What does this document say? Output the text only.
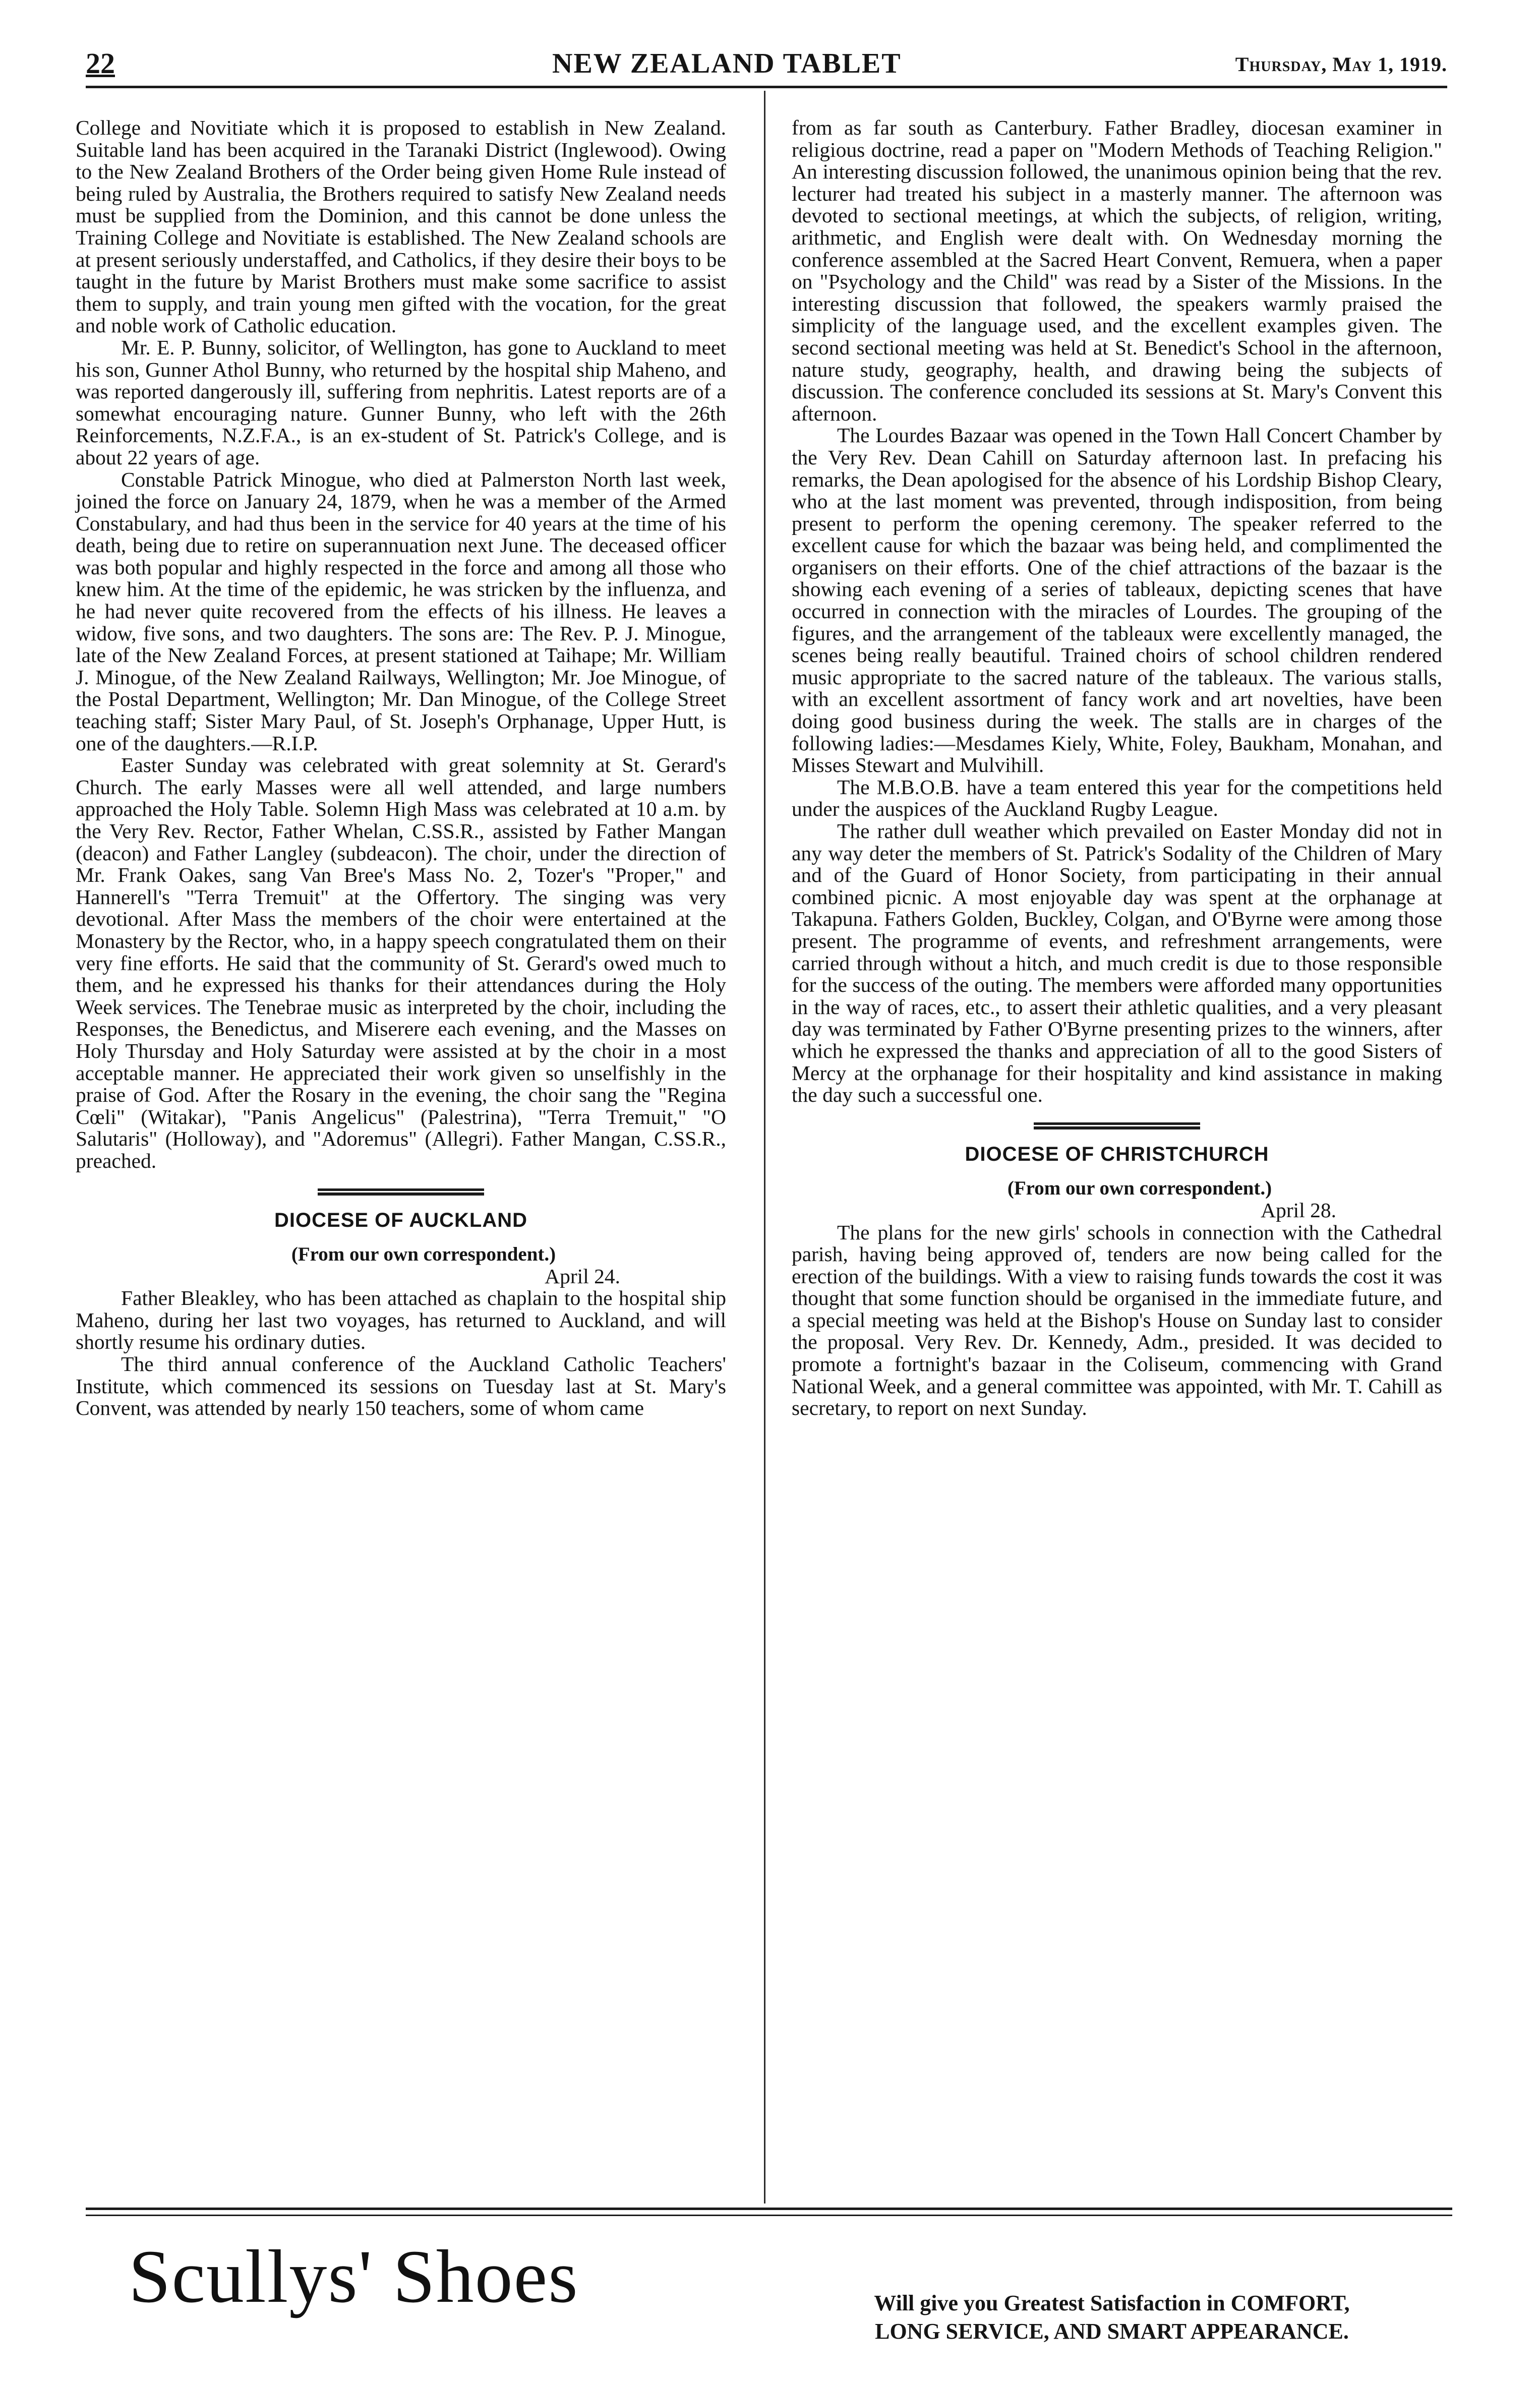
22	NEW ZEALAND TABLET	Thursday, May 1, 1919.

College and Novitiate which it is proposed to establish in New Zealand. Suitable land has been acquired in the Taranaki District (Inglewood). Owing to the New Zealand Brothers of the Order being given Home Rule instead of being ruled by Australia, the Brothers required to satisfy New Zealand needs must be supplied from the Dominion, and this cannot be done unless the Training College and Novitiate is established. The New Zealand schools are at present seriously understaffed, and Catholics, if they desire their boys to be taught in the future by Marist Brothers must make some sacrifice to assist them to supply, and train young men gifted with the vocation, for the great and noble work of Catholic education.

Mr. E. P. Bunny, solicitor, of Wellington, has gone to Auckland to meet his son, Gunner Athol Bunny, who returned by the hospital ship Maheno, and was reported dangerously ill, suffering from nephritis. Latest reports are of a somewhat encouraging nature. Gunner Bunny, who left with the 26th Reinforcements, N.Z.F.A., is an ex-student of St. Patrick's College, and is about 22 years of age.

Constable Patrick Minogue, who died at Palmerston North last week, joined the force on January 24, 1879, when he was a member of the Armed Constabulary, and had thus been in the service for 40 years at the time of his death, being due to retire on superannuation next June. The deceased officer was both popular and highly respected in the force and among all those who knew him. At the time of the epidemic, he was stricken by the influenza, and he had never quite recovered from the effects of his illness. He leaves a widow, five sons, and two daughters. The sons are: The Rev. P. J. Minogue, late of the New Zealand Forces, at present stationed at Taihape; Mr. William J. Minogue, of the New Zealand Railways, Wellington; Mr. Joe Minogue, of the Postal Department, Wellington; Mr. Dan Minogue, of the College Street teaching staff; Sister Mary Paul, of St. Joseph's Orphanage, Upper Hutt, is one of the daughters.—R.I.P.

Easter Sunday was celebrated with great solemnity at St. Gerard's Church. The early Masses were all well attended, and large numbers approached the Holy Table. Solemn High Mass was celebrated at 10 a.m. by the Very Rev. Rector, Father Whelan, C.SS.R., assisted by Father Mangan (deacon) and Father Langley (subdeacon). The choir, under the direction of Mr. Frank Oakes, sang Van Bree's Mass No. 2, Tozer's "Proper," and Hannerell's "Terra Tremuit" at the Offertory. The singing was very devotional. After Mass the members of the choir were entertained at the Monastery by the Rector, who, in a happy speech congratulated them on their very fine efforts. He said that the community of St. Gerard's owed much to them, and he expressed his thanks for their attendances during the Holy Week services. The Tenebrae music as interpreted by the choir, including the Responses, the Benedictus, and Miserere each evening, and the Masses on Holy Thursday and Holy Saturday were assisted at by the choir in a most acceptable manner. He appreciated their work given so unselfishly in the praise of God. After the Rosary in the evening, the choir sang the "Regina Cœli" (Witakar), "Panis Angelicus" (Palestrina), "Terra Tremuit," "O Salutaris" (Holloway), and "Adoremus" (Allegri). Father Mangan, C.SS.R., preached.

DIOCESE OF AUCKLAND

(From our own correspondent.)

April 24.

Father Bleakley, who has been attached as chaplain to the hospital ship Maheno, during her last two voyages, has returned to Auckland, and will shortly resume his ordinary duties.

The third annual conference of the Auckland Catholic Teachers' Institute, which commenced its sessions on Tuesday last at St. Mary's Convent, was attended by nearly 150 teachers, some of whom came

from as far south as Canterbury. Father Bradley, diocesan examiner in religious doctrine, read a paper on "Modern Methods of Teaching Religion." An interesting discussion followed, the unanimous opinion being that the rev. lecturer had treated his subject in a masterly manner. The afternoon was devoted to sectional meetings, at which the subjects, of religion, writing, arithmetic, and English were dealt with. On Wednesday morning the conference assembled at the Sacred Heart Convent, Remuera, when a paper on "Psychology and the Child" was read by a Sister of the Missions. In the interesting discussion that followed, the speakers warmly praised the simplicity of the language used, and the excellent examples given. The second sectional meeting was held at St. Benedict's School in the afternoon, nature study, geography, health, and drawing being the subjects of discussion. The conference concluded its sessions at St. Mary's Convent this afternoon.

The Lourdes Bazaar was opened in the Town Hall Concert Chamber by the Very Rev. Dean Cahill on Saturday afternoon last. In prefacing his remarks, the Dean apologised for the absence of his Lordship Bishop Cleary, who at the last moment was prevented, through indisposition, from being present to perform the opening ceremony. The speaker referred to the excellent cause for which the bazaar was being held, and complimented the organisers on their efforts. One of the chief attractions of the bazaar is the showing each evening of a series of tableaux, depicting scenes that have occurred in connection with the miracles of Lourdes. The grouping of the figures, and the arrangement of the tableaux were excellently managed, the scenes being really beautiful. Trained choirs of school children rendered music appropriate to the sacred nature of the tableaux. The various stalls, with an excellent assortment of fancy work and art novelties, have been doing good business during the week. The stalls are in charges of the following ladies:—Mesdames Kiely, White, Foley, Baukham, Monahan, and Misses Stewart and Mulvihill.

The M.B.O.B. have a team entered this year for the competitions held under the auspices of the Auckland Rugby League.

The rather dull weather which prevailed on Easter Monday did not in any way deter the members of St. Patrick's Sodality of the Children of Mary and of the Guard of Honor Society, from participating in their annual combined picnic. A most enjoyable day was spent at the orphanage at Takapuna. Fathers Golden, Buckley, Colgan, and O'Byrne were among those present. The programme of events, and refreshment arrangements, were carried through without a hitch, and much credit is due to those responsible for the success of the outing. The members were afforded many opportunities in the way of races, etc., to assert their athletic qualities, and a very pleasant day was terminated by Father O'Byrne presenting prizes to the winners, after which he expressed the thanks and appreciation of all to the good Sisters of Mercy at the orphanage for their hospitality and kind assistance in making the day such a successful one.

DIOCESE OF CHRISTCHURCH

(From our own correspondent.)

April 28.

The plans for the new girls' schools in connection with the Cathedral parish, having being approved of, tenders are now being called for the erection of the buildings. With a view to raising funds towards the cost it was thought that some function should be organised in the immediate future, and a special meeting was held at the Bishop's House on Sunday last to consider the proposal. Very Rev. Dr. Kennedy, Adm., presided. It was decided to promote a fortnight's bazaar in the Coliseum, commencing with Grand National Week, and a general committee was appointed, with Mr. T. Cahill as secretary, to report on next Sunday.

Scullys' Shoes	Will give you Greatest Satisfaction in COMFORT,
LONG SERVICE, AND SMART APPEARANCE.
